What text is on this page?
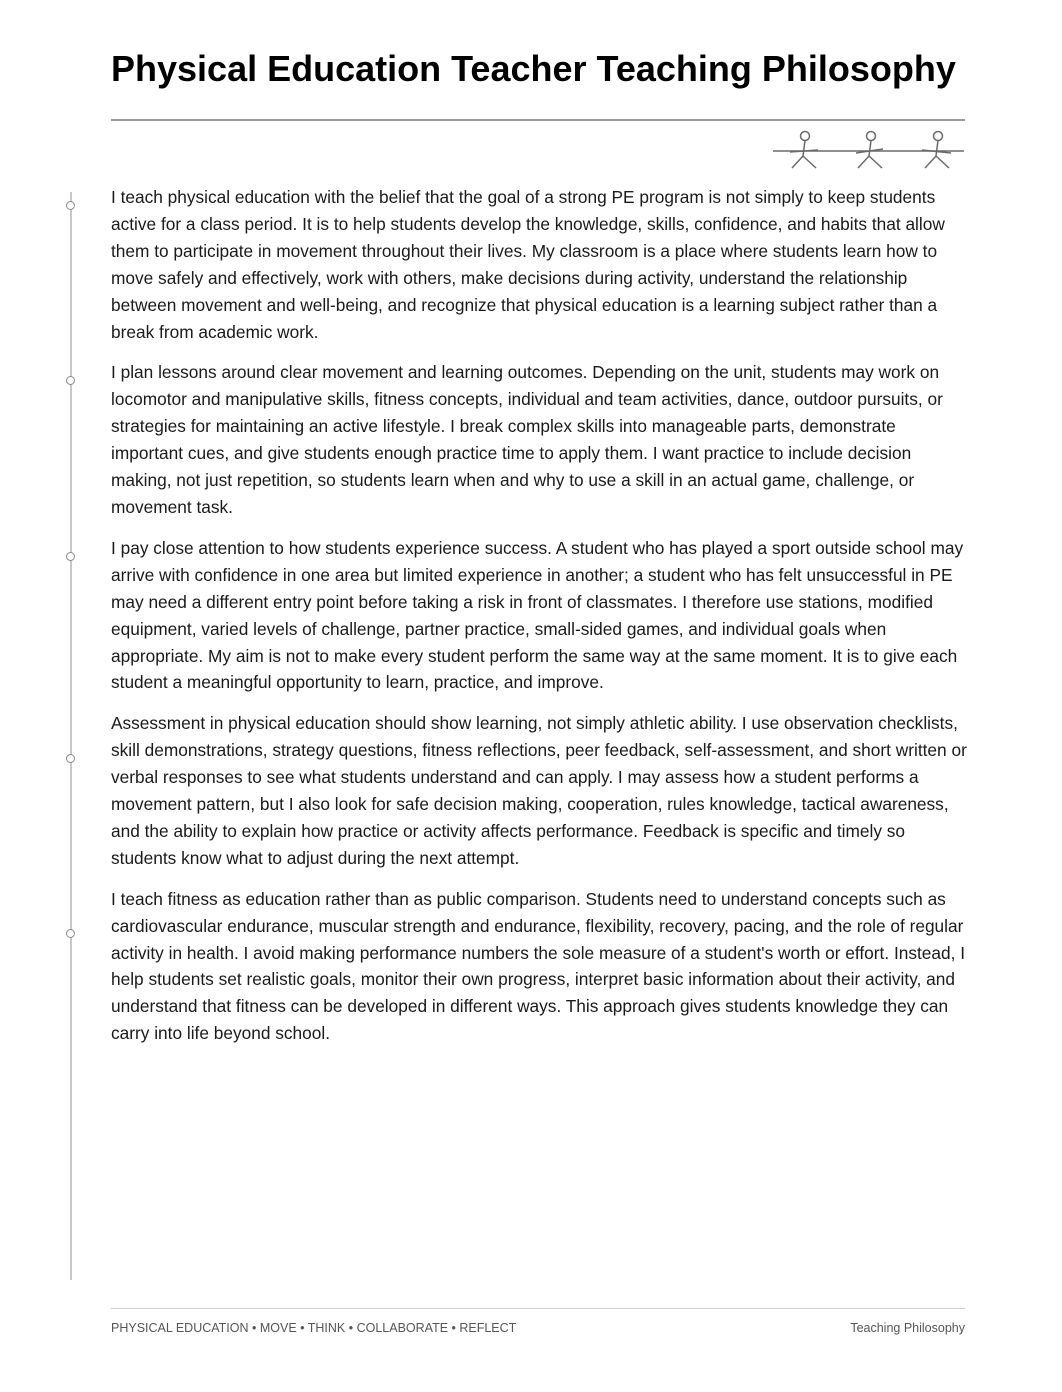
Physical Education Teacher Teaching Philosophy

I teach physical education with the belief that the goal of a strong PE program is not simply to keep students active for a class period. It is to help students develop the knowledge, skills, confidence, and habits that allow them to participate in movement throughout their lives. My classroom is a place where students learn how to move safely and effectively, work with others, make decisions during activity, understand the relationship between movement and well-being, and recognize that physical education is a learning subject rather than a break from academic work.

I plan lessons around clear movement and learning outcomes. Depending on the unit, students may work on locomotor and manipulative skills, fitness concepts, individual and team activities, dance, outdoor pursuits, or strategies for maintaining an active lifestyle. I break complex skills into manageable parts, demonstrate important cues, and give students enough practice time to apply them. I want practice to include decision making, not just repetition, so students learn when and why to use a skill in an actual game, challenge, or movement task.

I pay close attention to how students experience success. A student who has played a sport outside school may arrive with confidence in one area but limited experience in another; a student who has felt unsuccessful in PE may need a different entry point before taking a risk in front of classmates. I therefore use stations, modified equipment, varied levels of challenge, partner practice, small-sided games, and individual goals when appropriate. My aim is not to make every student perform the same way at the same moment. It is to give each student a meaningful opportunity to learn, practice, and improve.

Assessment in physical education should show learning, not simply athletic ability. I use observation checklists, skill demonstrations, strategy questions, fitness reflections, peer feedback, self-assessment, and short written or verbal responses to see what students understand and can apply. I may assess how a student performs a movement pattern, but I also look for safe decision making, cooperation, rules knowledge, tactical awareness, and the ability to explain how practice or activity affects performance. Feedback is specific and timely so students know what to adjust during the next attempt.

I teach fitness as education rather than as public comparison. Students need to understand concepts such as cardiovascular endurance, muscular strength and endurance, flexibility, recovery, pacing, and the role of regular activity in health. I avoid making performance numbers the sole measure of a student's worth or effort. Instead, I help students set realistic goals, monitor their own progress, interpret basic information about their activity, and understand that fitness can be developed in different ways. This approach gives students knowledge they can carry into life beyond school.

PHYSICAL EDUCATION • MOVE • THINK • COLLABORATE • REFLECT	Teaching Philosophy
